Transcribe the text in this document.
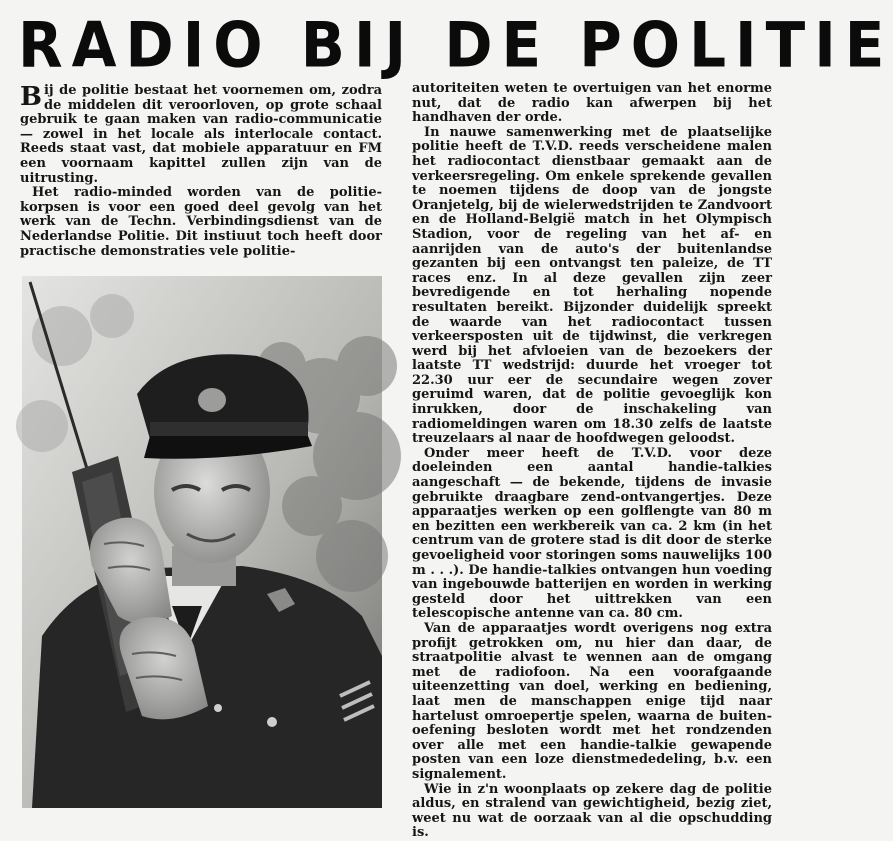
RADIO BIJ DE POLITIE

Bij de politie bestaat het voornemen om, zodra de middelen dit veroorloven, op grote schaal gebruik te gaan maken van radio-communicatie — zowel in het locale als interlocale contact. Reeds staat vast, dat mobiele apparatuur en FM een voornaam kapittel zullen zijn van de uitrusting.

Het radio-minded worden van de politie-korpsen is voor een goed deel gevolg van het werk van de Techn. Verbindingsdienst van de Nederlandse Politie. Dit instiuut toch heeft door practische demonstraties vele politie-

autoriteiten weten te overtuigen van het enorme nut, dat de radio kan afwerpen bij het handhaven der orde.

In nauwe samenwerking met de plaatselijke politie heeft de T.V.D. reeds verscheidene malen het radiocontact dienstbaar gemaakt aan de verkeersregeling. Om enkele sprekende gevallen te noemen tijdens de doop van de jongste Oranjetelg, bij de wielerwedstrijden te Zandvoort en de Holland-België match in het Olympisch Stadion, voor de regeling van het af- en aanrijden van de auto's der buitenlandse gezanten bij een ontvangst ten paleize, de TT races enz. In al deze gevallen zijn zeer bevredigende en tot herhaling nopende resultaten bereikt. Bijzonder duidelijk spreekt de waarde van het radiocontact tussen verkeersposten uit de tijdwinst, die verkregen werd bij het afvloeien van de bezoekers der laatste TT wedstrijd: duurde het vroeger tot 22.30 uur eer de secundaire wegen zover geruimd waren, dat de politie gevoeglijk kon inrukken, door de inschakeling van radiomeldingen waren om 18.30 zelfs de laatste treuzelaars al naar de hoofdwegen geloodst.

Onder meer heeft de T.V.D. voor deze doeleinden een aantal handie-talkies aangeschaft — de bekende, tijdens de invasie gebruikte draagbare zend-ontvangertjes. Deze apparaatjes werken op een golflengte van 80 m en bezitten een werkbereik van ca. 2 km (in het centrum van de grotere stad is dit door de sterke gevoeligheid voor storingen soms nauwelijks 100 m . . .). De handie-talkies ontvangen hun voeding van ingebouwde batterijen en worden in werking gesteld door het uittrekken van een telescopische antenne van ca. 80 cm.

Van de apparaatjes wordt overigens nog extra profijt getrokken om, nu hier dan daar, de straatpolitie alvast te wennen aan de omgang met de radiofoon. Na een voorafgaande uiteenzetting van doel, werking en bediening, laat men de manschappen enige tijd naar hartelust omroepertje spelen, waarna de buiten-oefening besloten wordt met het rondzenden over alle met een handie-talkie gewapende posten van een loze dienstmededeling, b.v. een signalement.

Wie in z'n woonplaats op zekere dag de politie aldus, en stralend van gewichtigheid, bezig ziet, weet nu wat de oorzaak van al die opschudding is.
